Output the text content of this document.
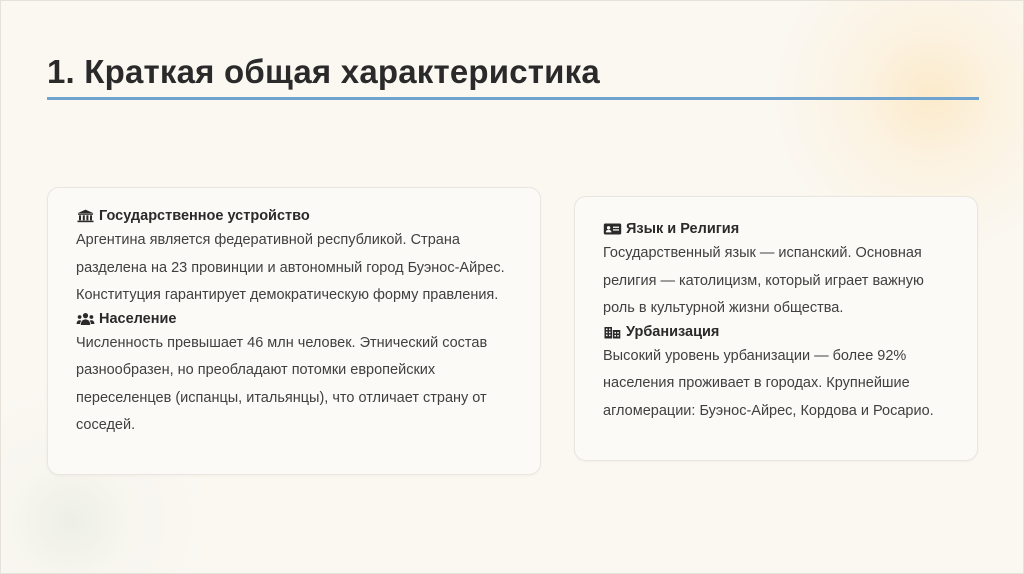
1. Краткая общая характеристика
Государственное устройство

Аргентина является федеративной республикой. Страна разделена на 23 провинции и автономный город Буэнос-Айрес. Конституция гарантирует демократическую форму правления.

Население

Численность превышает 46 млн человек. Этнический состав разнообразен, но преобладают потомки европейских переселенцев (испанцы, итальянцы), что отличает страну от соседей.

Язык и Религия

Государственный язык — испанский. Основная религия — католицизм, который играет важную роль в культурной жизни общества.

Урбанизация

Высокий уровень урбанизации — более 92% населения проживает в городах. Крупнейшие агломерации: Буэнос-Айрес, Кордова и Росарио.
